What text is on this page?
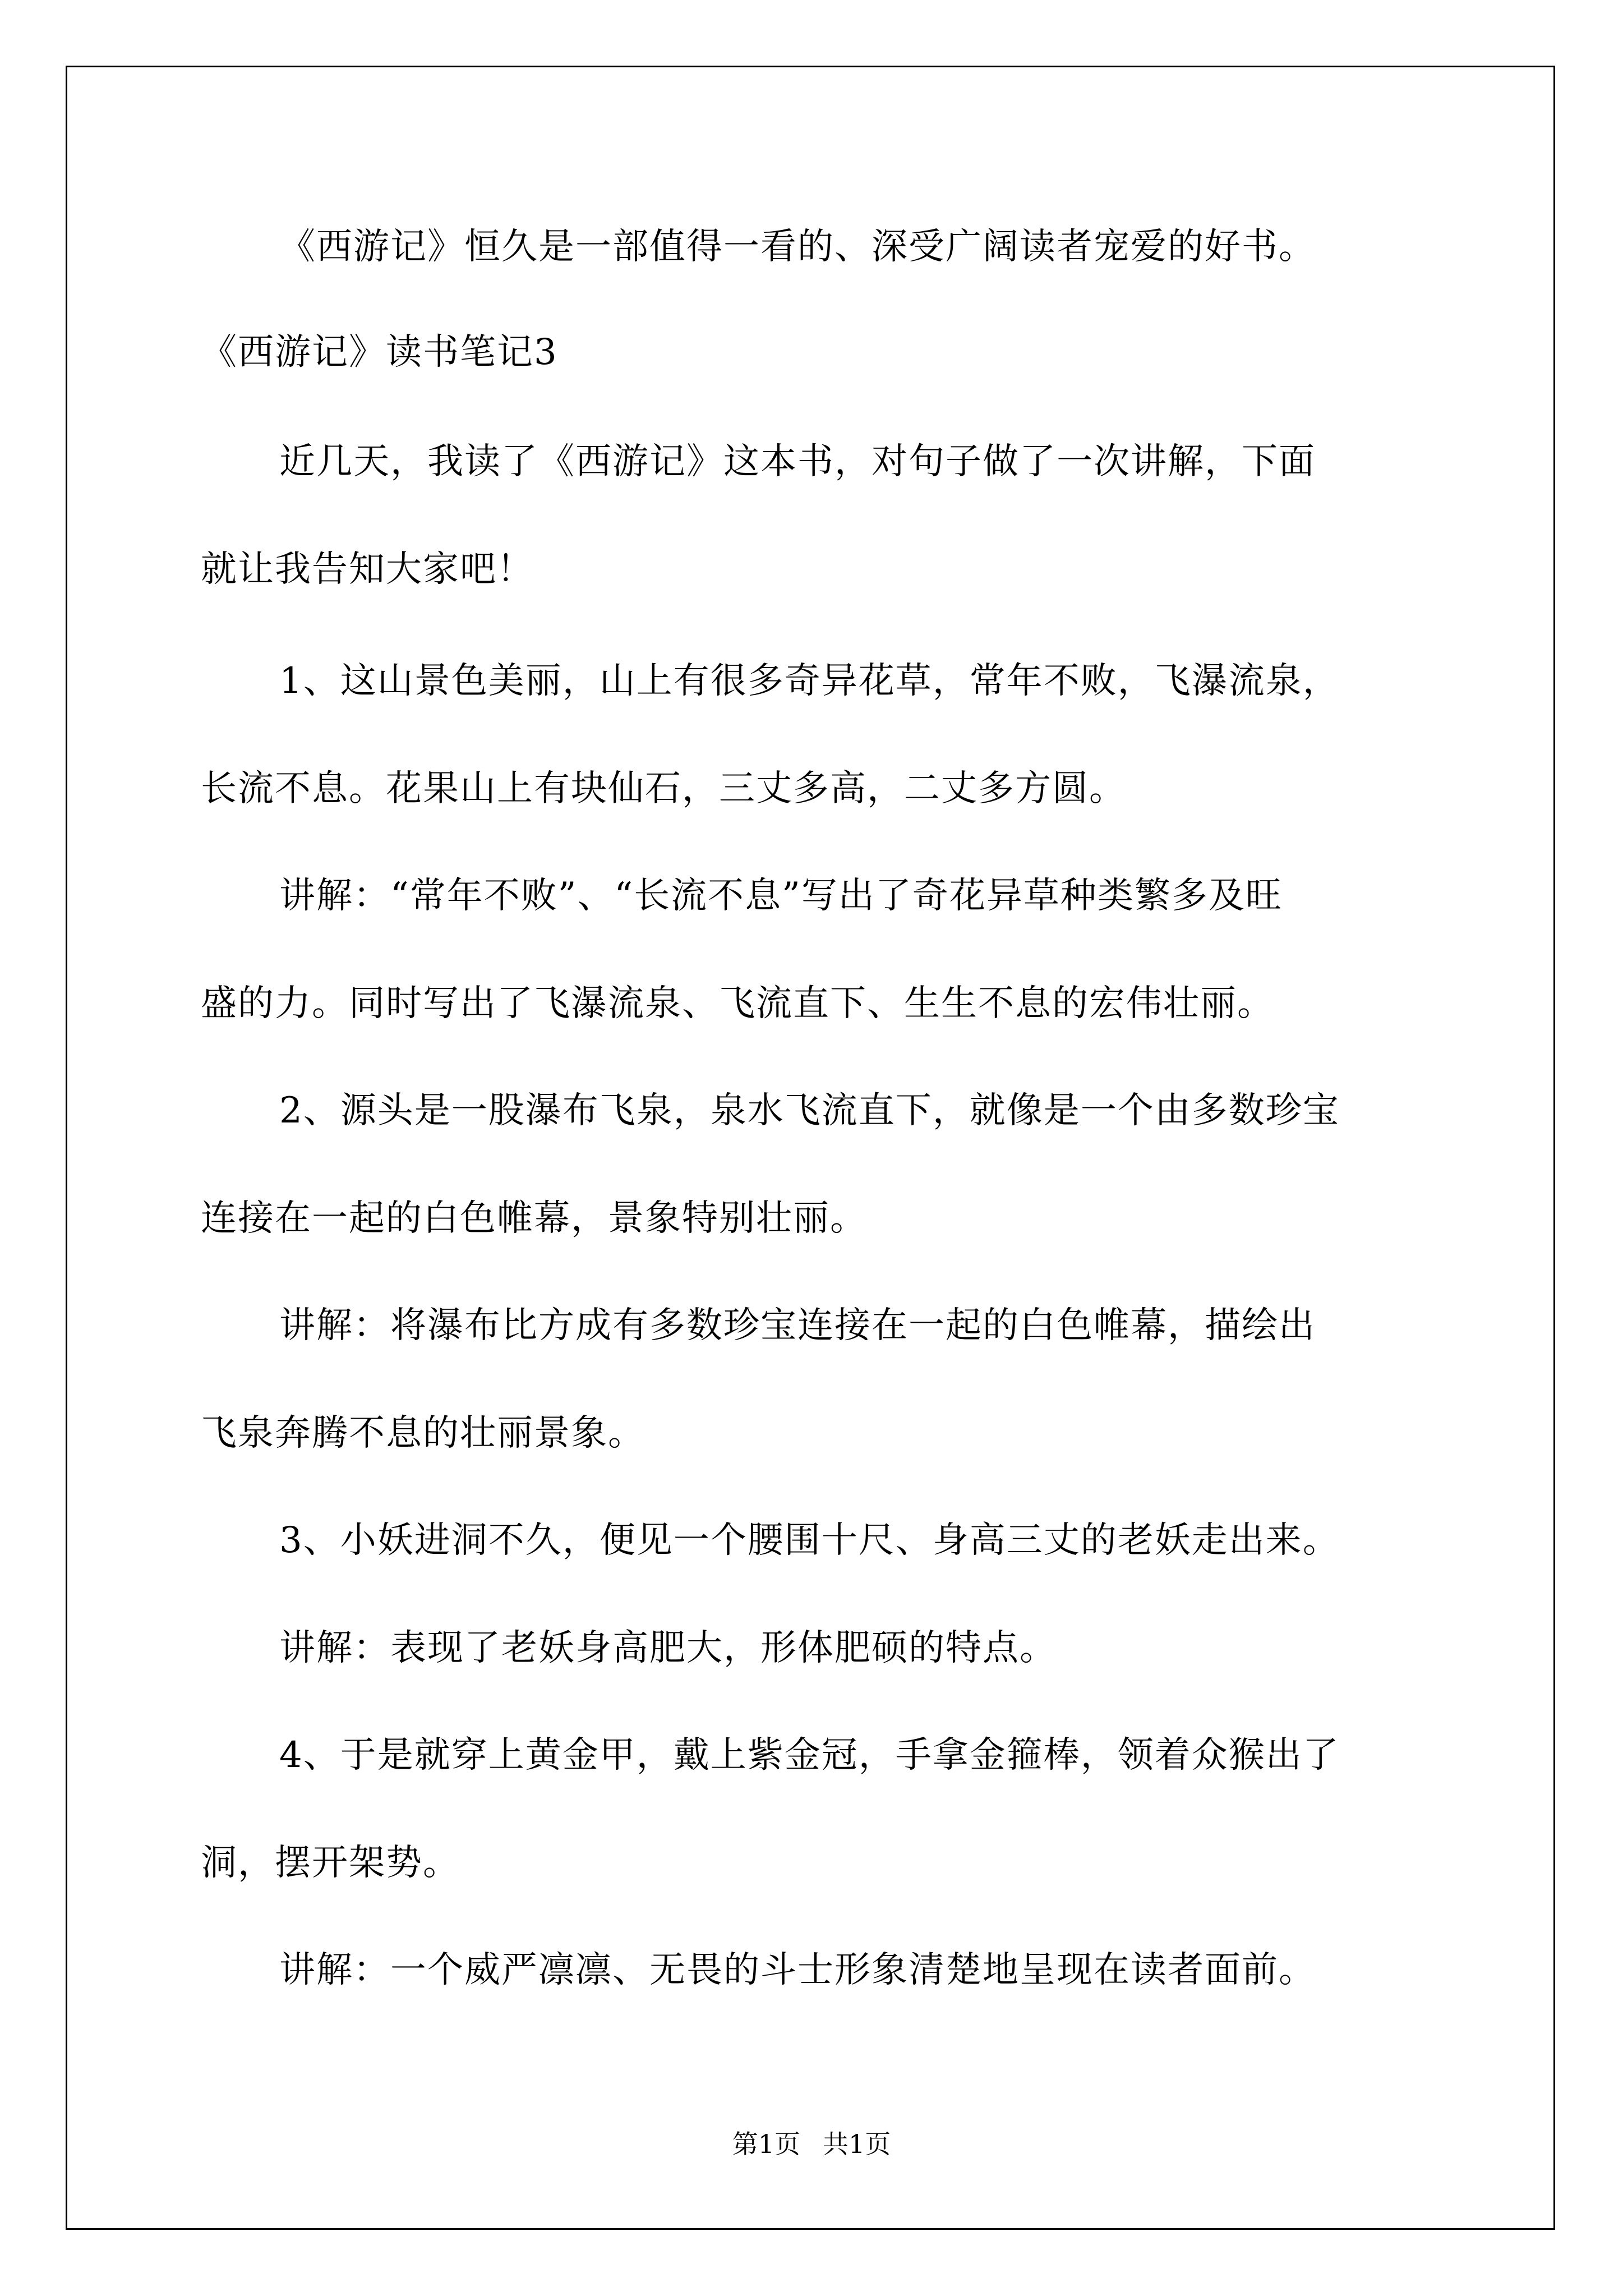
《西游记》恒久是一部值得一看的、深受广阔读者宠爱的好书。
《西游记》读书笔记3
近几天，我读了《西游记》这本书，对句子做了一次讲解，下面
就让我告知大家吧！
1、这山景色美丽，山上有很多奇异花草，常年不败，飞瀑流泉，
长流不息。花果山上有块仙石，三丈多高，二丈多方圆。
讲解：“常年不败”、“长流不息”写出了奇花异草种类繁多及旺
盛的力。同时写出了飞瀑流泉、飞流直下、生生不息的宏伟壮丽。
2、源头是一股瀑布飞泉，泉水飞流直下，就像是一个由多数珍宝
连接在一起的白色帷幕，景象特别壮丽。
讲解：将瀑布比方成有多数珍宝连接在一起的白色帷幕，描绘出
飞泉奔腾不息的壮丽景象。
3、小妖进洞不久，便见一个腰围十尺、身高三丈的老妖走出来。
讲解：表现了老妖身高肥大，形体肥硕的特点。
4、于是就穿上黄金甲，戴上紫金冠，手拿金箍棒，领着众猴出了
洞，摆开架势。
讲解：一个威严凛凛、无畏的斗士形象清楚地呈现在读者面前。
第1页 共1页
